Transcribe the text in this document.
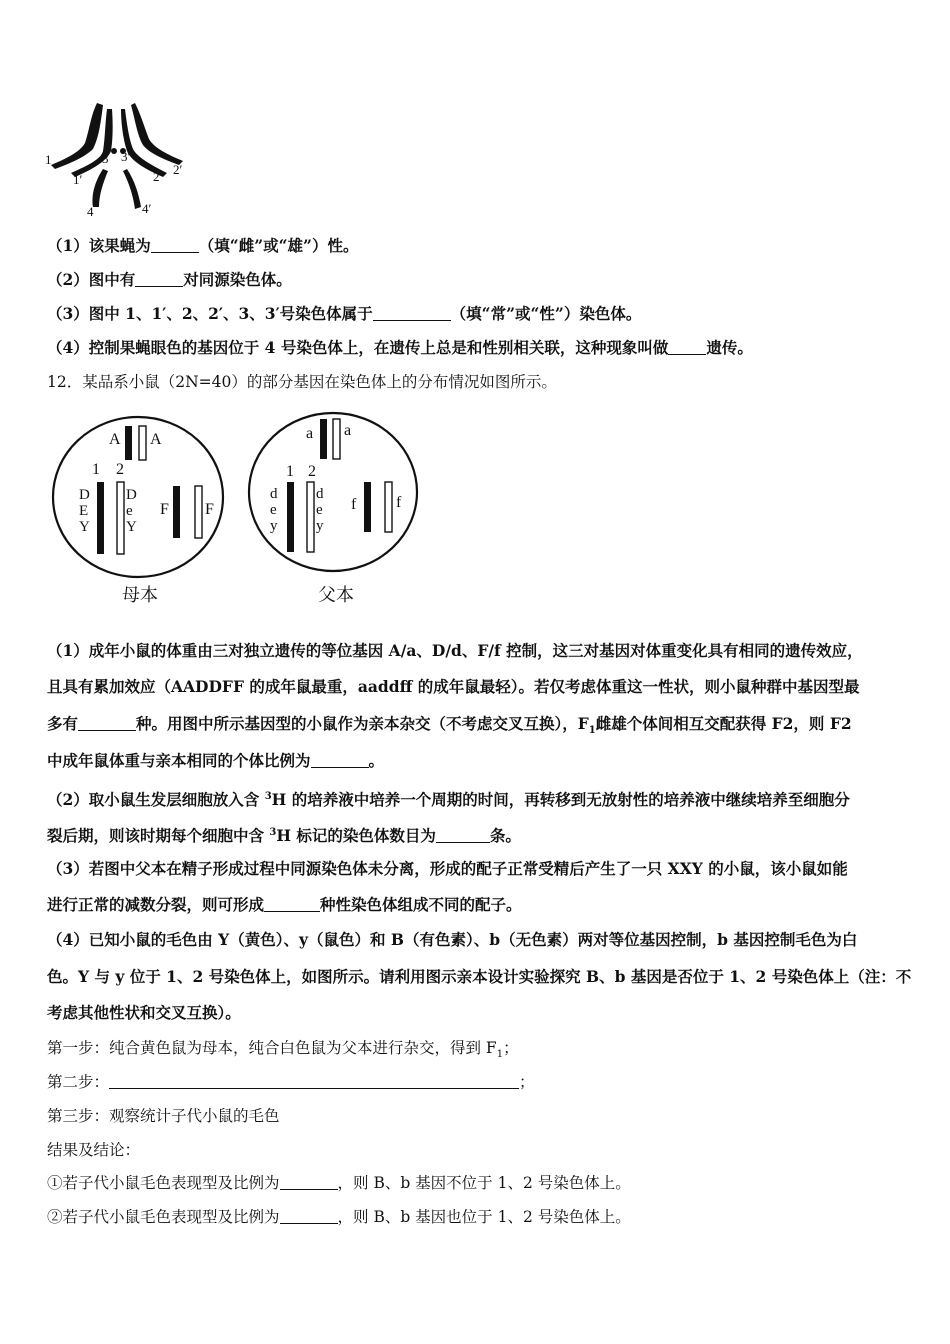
1
1′
3 3′
2 2′
4	4′
（1）该果蝇为	（填“雌”或“雄”）性。
（2）图中有	对同源染色体。
（3）图中 1、1′、2、2′、3、3′号染色体属于	（填“常”或“性”）染色体。
（4）控制果蝇眼色的基因位于 4 号染色体上，在遗传上总是和性别相关联，这种现象叫做 遗传。
12．某品系小鼠（2N=40）的部分基因在染色体上的分布情况如图所示。
A A
1 2
D
E
Y
D
e
Y
F F
母本
a a
1 2
d
e
y
d
e
y
f f
父本
（1）成年小鼠的体重由三对独立遗传的等位基因 A/a、D/d、F/f 控制，这三对基因对体重变化具有相同的遗传效应，
且具有累加效应（AADDFF 的成年鼠最重，aaddff 的成年鼠最轻）。若仅考虑体重这一性状，则小鼠种群中基因型最
多有	种。用图中所示基因型的小鼠作为亲本杂交（不考虑交叉互换），$F_1$雌雄个体间相互交配获得 F2，则 F2
中成年鼠体重与亲本相同的个体比例为	。
（2）取小鼠生发层细胞放入含 $^3$H 的培养液中培养一个周期的时间，再转移到无放射性的培养液中继续培养至细胞分
裂后期，则该时期每个细胞中含 $^3$H 标记的染色体数目为	条。
（3）若图中父本在精子形成过程中同源染色体未分离，形成的配子正常受精后产生了一只 XXY 的小鼠，该小鼠如能
进行正常的减数分裂，则可形成	种性染色体组成不同的配子。
（4）已知小鼠的毛色由 Y（黄色）、y（鼠色）和 B（有色素）、b（无色素）两对等位基因控制，b 基因控制毛色为白
色。Y 与 y 位于 1、2 号染色体上，如图所示。请利用图示亲本设计实验探究 B、b 基因是否位于 1、2 号染色体上（注：不
考虑其他性状和交叉互换）。
第一步：纯合黄色鼠为母本，纯合白色鼠为父本进行杂交，得到 $F_1$；
第二步：	；
第三步：观察统计子代小鼠的毛色
结果及结论：
①若子代小鼠毛色表现型及比例为	，则 B、b 基因不位于 1、2 号染色体上。
②若子代小鼠毛色表现型及比例为	，则 B、b 基因也位于 1、2 号染色体上。
